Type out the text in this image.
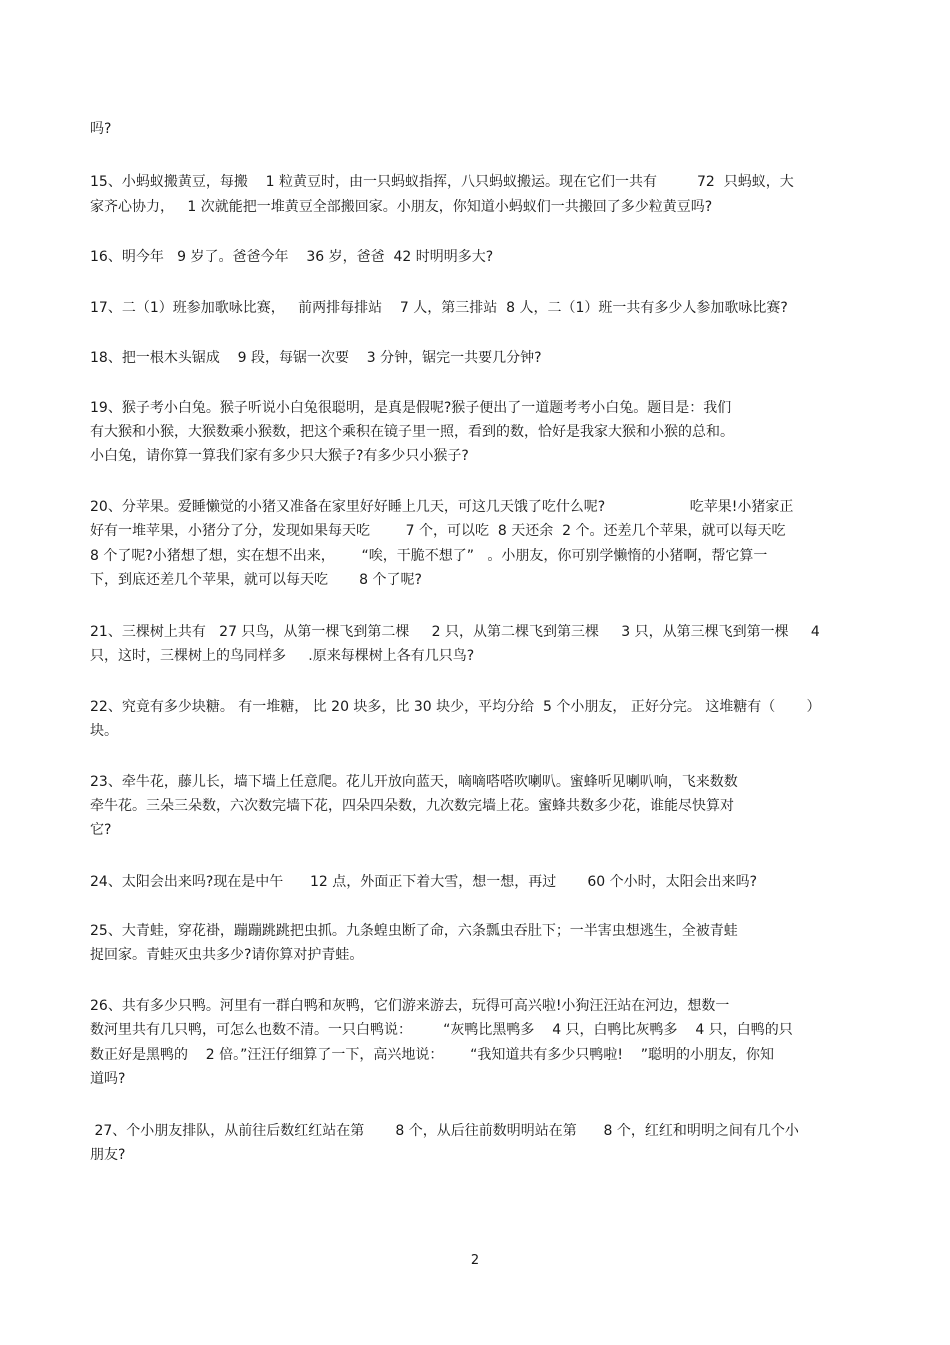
吗?
15、小蚂蚁搬黄豆，每搬    1 粒黄豆时，由一只蚂蚁指挥，八只蚂蚁搬运。现在它们一共有         72  只蚂蚁，大
家齐心协力，   1 次就能把一堆黄豆全部搬回家。小朋友，你知道小蚂蚁们一共搬回了多少粒黄豆吗?
16、明今年   9 岁了。爸爸今年    36 岁，爸爸  42 时明明多大?
17、二（1）班参加歌咏比赛，   前两排每排站    7 人，第三排站  8 人，二（1）班一共有多少人参加歌咏比赛?
18、把一根木头锯成    9 段，每锯一次要    3 分钟，锯完一共要几分钟?
19、猴子考小白兔。猴子听说小白兔很聪明，是真是假呢?猴子便出了一道题考考小白兔。题目是：我们
有大猴和小猴，大猴数乘小猴数，把这个乘积在镜子里一照，看到的数，恰好是我家大猴和小猴的总和。
小白兔，请你算一算我们家有多少只大猴子?有多少只小猴子?
20、分苹果。爱睡懒觉的小猪又准备在家里好好睡上几天，可这几天饿了吃什么呢?                   吃苹果!小猪家正
好有一堆苹果，小猪分了分，发现如果每天吃        7 个，可以吃  8 天还余  2 个。还差几个苹果，就可以每天吃
8 个了呢?小猪想了想，实在想不出来，      “唉，干脆不想了”   。小朋友，你可别学懒惰的小猪啊，帮它算一
下，到底还差几个苹果，就可以每天吃       8 个了呢?
21、三棵树上共有   27 只鸟，从第一棵飞到第二棵     2 只，从第二棵飞到第三棵     3 只，从第三棵飞到第一棵     4
只，这时，三棵树上的鸟同样多     .原来每棵树上各有几只鸟?
22、究竟有多少块糖。 有一堆糖， 比 20 块多，比 30 块少，平均分给  5 个小朋友， 正好分完。 这堆糖有（       ）
块。
23、牵牛花，藤儿长，墙下墙上任意爬。花儿开放向蓝天，嘀嘀嗒嗒吹喇叭。蜜蜂听见喇叭响，飞来数数
牵牛花。三朵三朵数，六次数完墙下花，四朵四朵数，九次数完墙上花。蜜蜂共数多少花，谁能尽快算对
它?
24、太阳会出来吗?现在是中午      12 点，外面正下着大雪，想一想，再过       60 个小时，太阳会出来吗?
25、大青蛙，穿花褂，蹦蹦跳跳把虫抓。九条蝗虫断了命，六条瓢虫吞肚下；一半害虫想逃生，全被青蛙
捉回家。青蛙灭虫共多少?请你算对护青蛙。
26、共有多少只鸭。河里有一群白鸭和灰鸭，它们游来游去，玩得可高兴啦!小狗汪汪站在河边，想数一
数河里共有几只鸭，可怎么也数不清。一只白鸭说：       “灰鸭比黑鸭多    4 只，白鸭比灰鸭多    4 只，白鸭的只
数正好是黑鸭的    2 倍。”汪汪仔细算了一下，高兴地说：      “我知道共有多少只鸭啦!    ”聪明的小朋友，你知
道吗?
27、个小朋友排队，从前往后数红红站在第       8 个，从后往前数明明站在第      8 个，红红和明明之间有几个小
朋友?
2
